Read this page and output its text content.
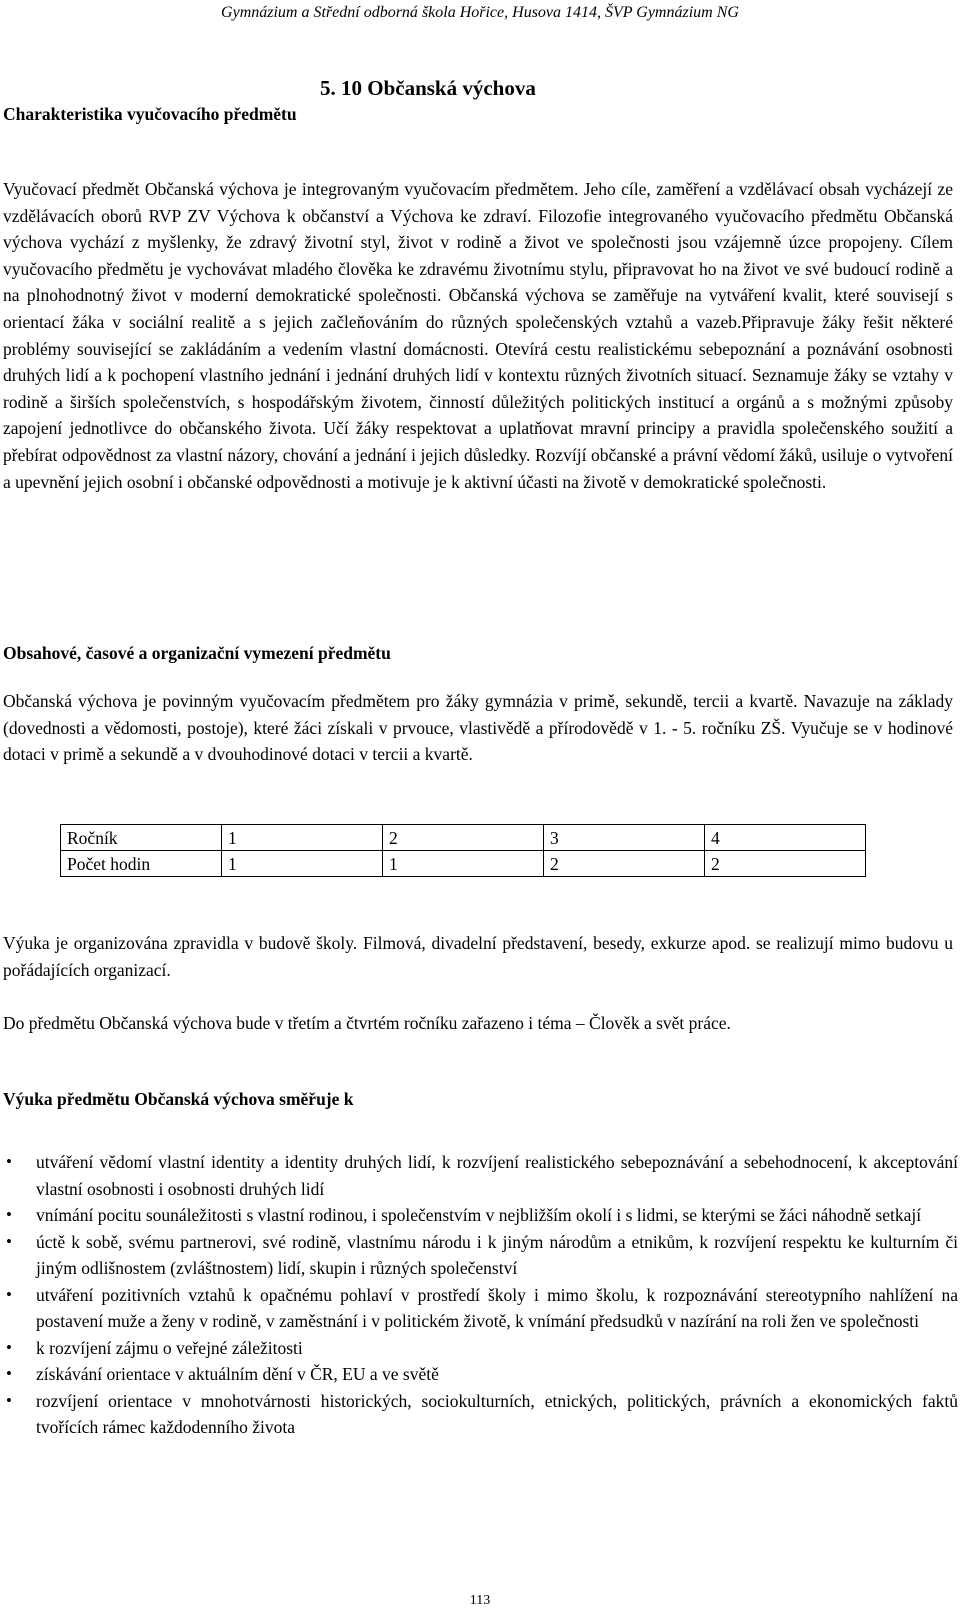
Gymnázium a Střední odborná škola Hořice, Husova 1414, ŠVP Gymnázium NG
5. 10 Občanská výchova
Charakteristika vyučovacího předmětu

Vyučovací předmět Občanská výchova je integrovaným vyučovacím předmětem. Jeho cíle, zaměření a vzdělávací obsah vycházejí ze vzdělávacích oborů RVP ZV Výchova k občanství a Výchova ke zdraví. Filozofie integrovaného vyučovacího předmětu Občanská výchova vychází z myšlenky, že zdravý životní styl, život v rodině a život ve společnosti jsou vzájemně úzce propojeny. Cílem vyučovacího předmětu je vychovávat mladého člověka ke zdravému životnímu stylu, připravovat ho na život ve své budoucí rodině a na plnohodnotný život v moderní demokratické společnosti. Občanská výchova se zaměřuje na vytváření kvalit, které souvisejí s orientací žáka v sociální realitě a s jejich začleňováním do různých společenských vztahů a vazeb.Připravuje žáky řešit některé problémy související se zakládáním a vedením vlastní domácnosti. Otevírá cestu realistickému sebepoznání a poznávání osobnosti druhých lidí a k pochopení vlastního jednání i jednání druhých lidí v kontextu různých životních situací. Seznamuje žáky se vztahy v rodině a širších společenstvích, s hospodářským životem, činností důležitých politických institucí a orgánů a s možnými způsoby zapojení jednotlivce do občanského života. Učí žáky respektovat a uplatňovat mravní principy a pravidla společenského soužití a přebírat odpovědnost za vlastní názory, chování a jednání i jejich důsledky. Rozvíjí občanské a právní vědomí žáků, usiluje o vytvoření a upevnění jejich osobní i občanské odpovědnosti a motivuje je k aktivní účasti na životě v demokratické společnosti.

Obsahové, časové a organizační vymezení předmětu

Občanská výchova je povinným vyučovacím předmětem pro žáky gymnázia v primě, sekundě, tercii a kvartě. Navazuje na základy (dovednosti a vědomosti, postoje), které žáci získali v prvouce, vlastivědě a přírodovědě v 1. - 5. ročníku ZŠ. Vyučuje se v hodinové dotaci v primě a sekundě a v dvouhodinové dotaci v tercii a kvartě.

Ročník	1	2	3	4
Počet hodin	1	1	2	2

Výuka je organizována zpravidla v budově školy. Filmová, divadelní představení, besedy, exkurze apod. se realizují mimo budovu u pořádajících organizací.

Do předmětu Občanská výchova bude v třetím a čtvrtém ročníku zařazeno i téma – Člověk a svět práce.

Výuka předmětu Občanská výchova směřuje k
• utváření vědomí vlastní identity a identity druhých lidí, k rozvíjení realistického sebepoznávání a sebehodnocení, k akceptování vlastní osobnosti i osobnosti druhých lidí
• vnímání pocitu sounáležitosti s vlastní rodinou, i společenstvím v nejbližším okolí i s lidmi, se kterými se žáci náhodně setkají
• úctě k sobě, svému partnerovi, své rodině, vlastnímu národu i k jiným národům a etnikům, k rozvíjení respektu ke kulturním či jiným odlišnostem (zvláštnostem) lidí, skupin i různých společenství
• utváření pozitivních vztahů k opačnému pohlaví v prostředí školy i mimo školu, k rozpoznávání stereotypního nahlížení na postavení muže a ženy v rodině, v zaměstnání i v politickém životě, k vnímání předsudků v nazírání na roli žen ve společnosti
• k rozvíjení zájmu o veřejné záležitosti
• získávání orientace v aktuálním dění v ČR, EU a ve světě
• rozvíjení orientace v mnohotvárnosti historických, sociokulturních, etnických, politických, právních a ekonomických faktů tvořících rámec každodenního života
113
